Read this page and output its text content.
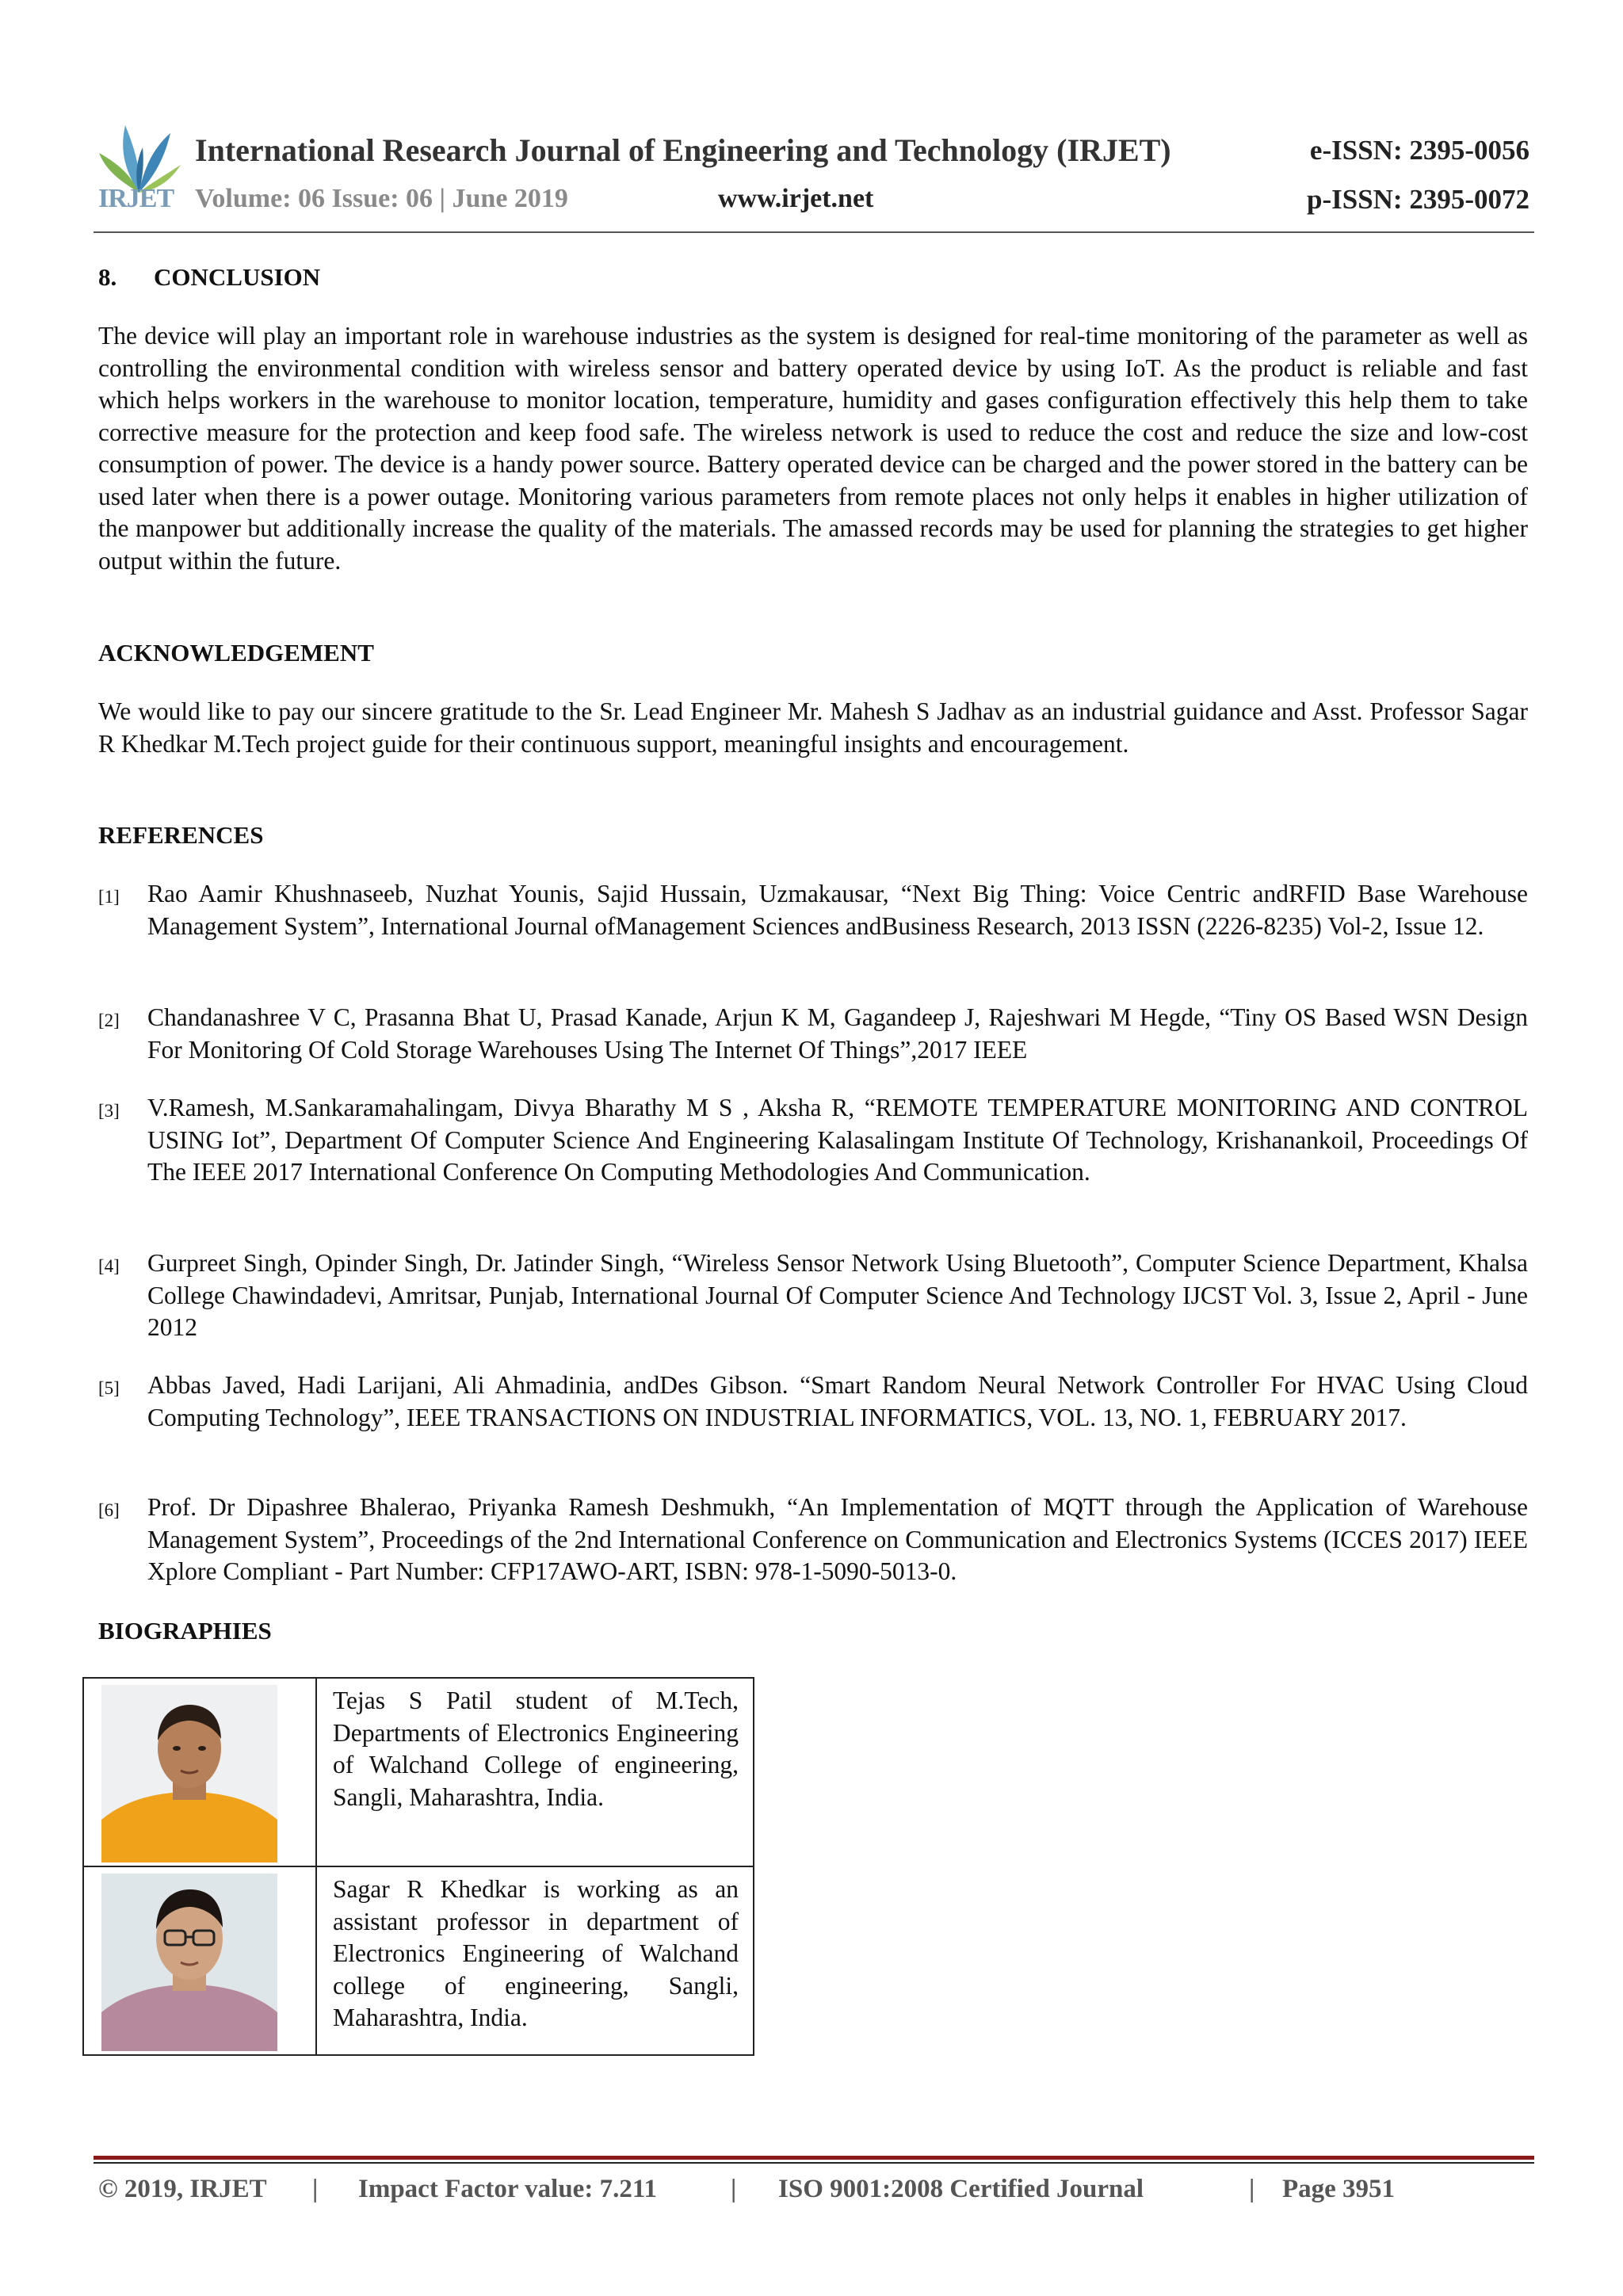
IRJET
International Research Journal of Engineering and Technology (IRJET)	e-ISSN: 2395-0056
Volume: 06 Issue: 06 | June 2019	www.irjet.net	p-ISSN: 2395-0072
8. CONCLUSION

The device will play an important role in warehouse industries as the system is designed for real-time monitoring of the parameter as well as controlling the environmental condition with wireless sensor and battery operated device by using IoT. As the product is reliable and fast which helps workers in the warehouse to monitor location, temperature, humidity and gases configuration effectively this help them to take corrective measure for the protection and keep food safe. The wireless network is used to reduce the cost and reduce the size and low-cost consumption of power. The device is a handy power source. Battery operated device can be charged and the power stored in the battery can be used later when there is a power outage. Monitoring various parameters from remote places not only helps it enables in higher utilization of the manpower but additionally increase the quality of the materials. The amassed records may be used for planning the strategies to get higher output within the future.

ACKNOWLEDGEMENT

We would like to pay our sincere gratitude to the Sr. Lead Engineer Mr. Mahesh S Jadhav as an industrial guidance and Asst. Professor Sagar R Khedkar M.Tech project guide for their continuous support, meaningful insights and encouragement.

REFERENCES
[1] Rao Aamir Khushnaseeb, Nuzhat Younis, Sajid Hussain, Uzmakausar, “Next Big Thing: Voice Centric andRFID Base Warehouse Management System”, International Journal ofManagement Sciences andBusiness Research, 2013 ISSN (2226-8235) Vol-2, Issue 12.
[2] Chandanashree V C, Prasanna Bhat U, Prasad Kanade, Arjun K M, Gagandeep J, Rajeshwari M Hegde, “Tiny OS Based WSN Design For Monitoring Of Cold Storage Warehouses Using The Internet Of Things”,2017 IEEE
[3] V.Ramesh, M.Sankaramahalingam, Divya Bharathy M S , Aksha R, “REMOTE TEMPERATURE MONITORING AND CONTROL USING Iot”, Department Of Computer Science And Engineering Kalasalingam Institute Of Technology, Krishanankoil, Proceedings Of The IEEE 2017 International Conference On Computing Methodologies And Communication.
[4] Gurpreet Singh, Opinder Singh, Dr. Jatinder Singh, “Wireless Sensor Network Using Bluetooth”, Computer Science Department, Khalsa College Chawindadevi, Amritsar, Punjab, International Journal Of Computer Science And Technology IJCST Vol. 3, Issue 2, April - June 2012
[5] Abbas Javed, Hadi Larijani, Ali Ahmadinia, andDes Gibson. “Smart Random Neural Network Controller For HVAC Using Cloud Computing Technology”, IEEE TRANSACTIONS ON INDUSTRIAL INFORMATICS, VOL. 13, NO. 1, FEBRUARY 2017.
[6] Prof. Dr Dipashree Bhalerao, Priyanka Ramesh Deshmukh, “An Implementation of MQTT through the Application of Warehouse Management System”, Proceedings of the 2nd International Conference on Communication and Electronics Systems (ICCES 2017) IEEE Xplore Compliant - Part Number: CFP17AWO-ART, ISBN: 978-1-5090-5013-0.
BIOGRAPHIES
	Tejas S Patil student of M.Tech, Departments of Electronics Engineering of Walchand College of engineering, Sangli, Maharashtra, India.

	Sagar R Khedkar is working as an assistant professor in department of Electronics Engineering of Walchand college of engineering, Sangli, Maharashtra, India.
© 2019, IRJET | Impact Factor value: 7.211	| ISO 9001:2008 Certified Journal	| Page 3951
